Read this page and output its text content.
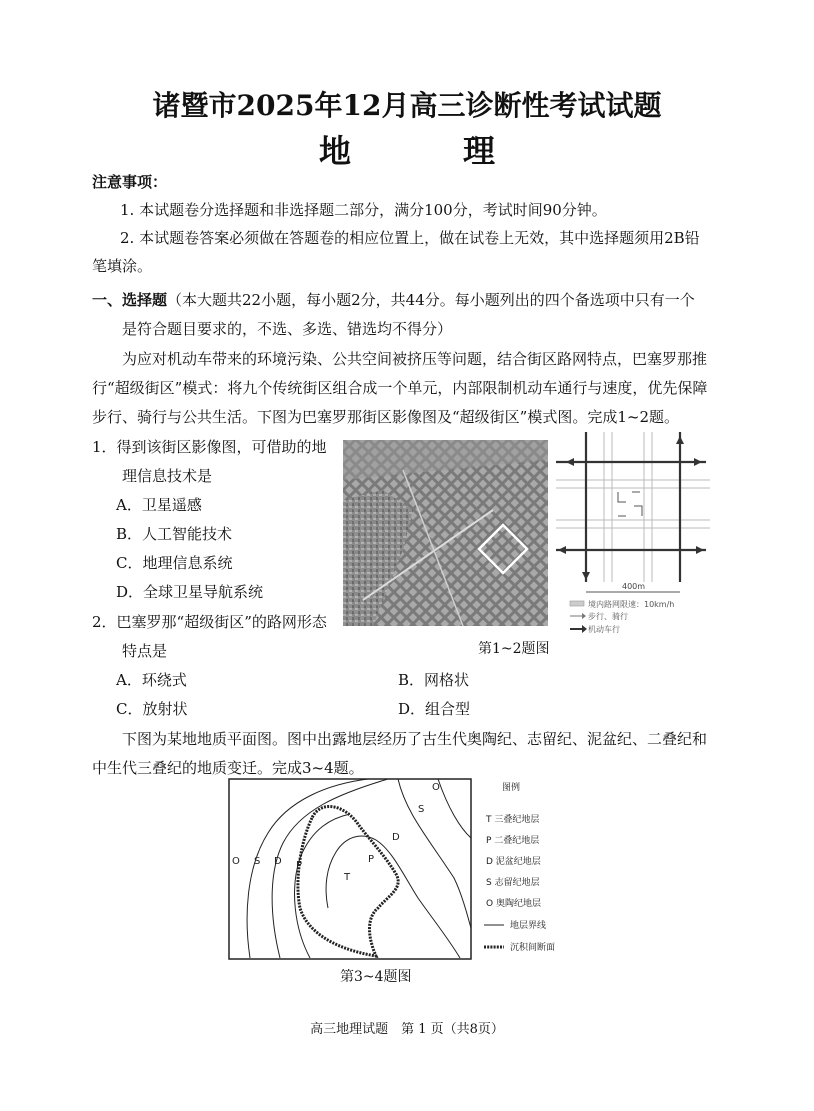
诸暨市2025年12月高三诊断性考试试题
地　理
注意事项：
1. 本试题卷分选择题和非选择题二部分，满分100分，考试时间90分钟。
2. 本试题卷答案必须做在答题卷的相应位置上，做在试卷上无效，其中选择题须用2B铅
笔填涂。
一、选择题（本大题共22小题，每小题2分，共44分。每小题列出的四个备选项中只有一个
是符合题目要求的，不选、多选、错选均不得分）
为应对机动车带来的环境污染、公共空间被挤压等问题，结合街区路网特点，巴塞罗那推
行“超级街区”模式：将九个传统街区组合成一个单元，内部限制机动车通行与速度，优先保障
步行、骑行与公共生活。下图为巴塞罗那街区影像图及“超级街区”模式图。完成1~2题。
1．得到该街区影像图，可借助的地
理信息技术是
A．卫星遥感
B．人工智能技术
C．地理信息系统
D．全球卫星导航系统
2．巴塞罗那“超级街区”的路网形态
特点是
A．环绕式	B．网格状
C．放射状	D．组合型
400m
境内路网限速：10km/h
步行、骑行
机动车行
第1~2题图
下图为某地地质平面图。图中出露地层经历了古生代奥陶纪、志留纪、泥盆纪、二叠纪和
中生代三叠纪的地质变迁。完成3~4题。
O S D P
T
P
D
S
O	图例
T 三叠纪地层
P 二叠纪地层
D 泥盆纪地层
S 志留纪地层
O 奥陶纪地层
地层界线
沉积间断面
第3~4题图
高三地理试题　第 1 页（共8页）
